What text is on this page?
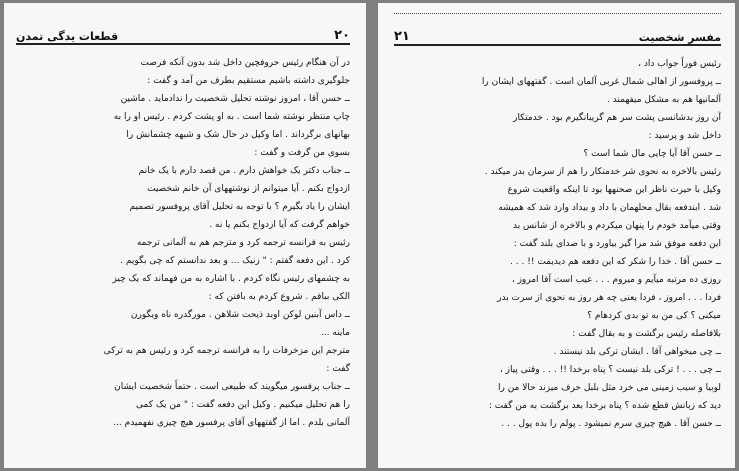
۲۰
قطعات یدگی تمدن
در آن هنگام رئیس حروفچین داخل شد بدون آنکه فرصت
جلوگیری داشته باشیم مستقیم بطرف من آمد و گفت :
ــ حسن آقا ، امروز نوشته تحلیل شخصیت را ندادماید . ماشین
چاپ منتظر نوشته شما است . به او پشت کردم . رئیس او را به
بهانهای برگرداند . اما وکیل در حال شک و شبهه چشمانش را
بسوی من گرفت و گفت :
ــ جناب دکتر یک خواهش دارم . من قصد دارم با یک خانم
ازدواج بکنم . آیا میتوانم از نوشتههای آن خانم شخصیت
ایشان را یاد بگیرم ؟ با توجه به تحلیل آقای پروفسور تصمیم
خواهم گرفت که آیا ازدواج بکنم یا نه .
رئیس به فرانسه ترجمه کرد و مترجم هم به آلمانی ترجمه
کرد . این دفعه گفتم : " زنیک ... و بعد ندانستم که چی بگویم .
به چشمهای رئیس نگاه کردم . با اشاره به من فهماند که یک چیز
الکی ببافم . شروع کردم به بافتن که :
ــ داس آبنین لوکن اوبد ذیحت شلاهن . مورگدره ناه ویگورن
ماینه ...
مترجم این مزخرفات را به فرانسه ترجمه کرد و رئیس هم به ترکی
گفت :
ــ جناب پرفسور میگویند که طبیعی است . حتماً شخصیت ایشان
را هم تحلیل میکنیم . وکیل این دفعه گفت : " من یک کمی
آلمانی بلدم . اما از گفتههای آقای پرفسور هیچ چیزی نفهمیدم ...
مفسر شخصیت
۲۱
رئیس فوراً جواب داد ،
ــ پروفسور از اهالی شمال غربی آلمان است . گفتههای ایشان را
آلمانیها هم به مشکل میفهمند .
آن روز بدشانسی پشت سر هم گریبانگیرم بود . خدمتکار
داخل شد و پرسید :
ــ حسن آقا آیا چایی مال شما است ؟
رئیس بالاخره به نحوی شر خدمتکار را هم از سرمان بدر میکند .
وکیل با حیرت ناظر این صحنهها بود تا اینکه واقعیت شروع
شد . ابندفعه بقال محلهمان با داد و بیداد وارد شد که همیشه
وقتی میآمد خودم را پنهان میکردم و بالاخره از شانس بد
این دفعه موفق شد مرا گیر بیاورد و با صدای بلند گفت :
ــ حسن آقا . خدا را شکر که این دفعه هم دیدیمت !! . . .
روزی ده مرتبه میآیم و میروم . . . عیب است آقا امروز ،
فردا . . . امروز ، فردا یعنی چه هر روز به نحوی از سرت بدر
میکنی ؟ کی من به تو بدی کردهام ؟
بلافاصله رئیس برگشت و به بقال گفت :
ــ چی میخواهی آقا . ایشان ترکی بلد نیستند .
ــ چی . . . ! ترکی بلد نیست ؟ پناه برخدا !! . . . وقتی پیاز ،
لوبیا و سیب زمینی می خرد مثل بلبل حرف میزند حالا من را
دید که زبانش قطع شده ؟ پناه برخدا بعد برگشت به من گفت :
ــ حسن آقا . هیچ چیزی سرم نمیشود . پولم را بده پول . . .
